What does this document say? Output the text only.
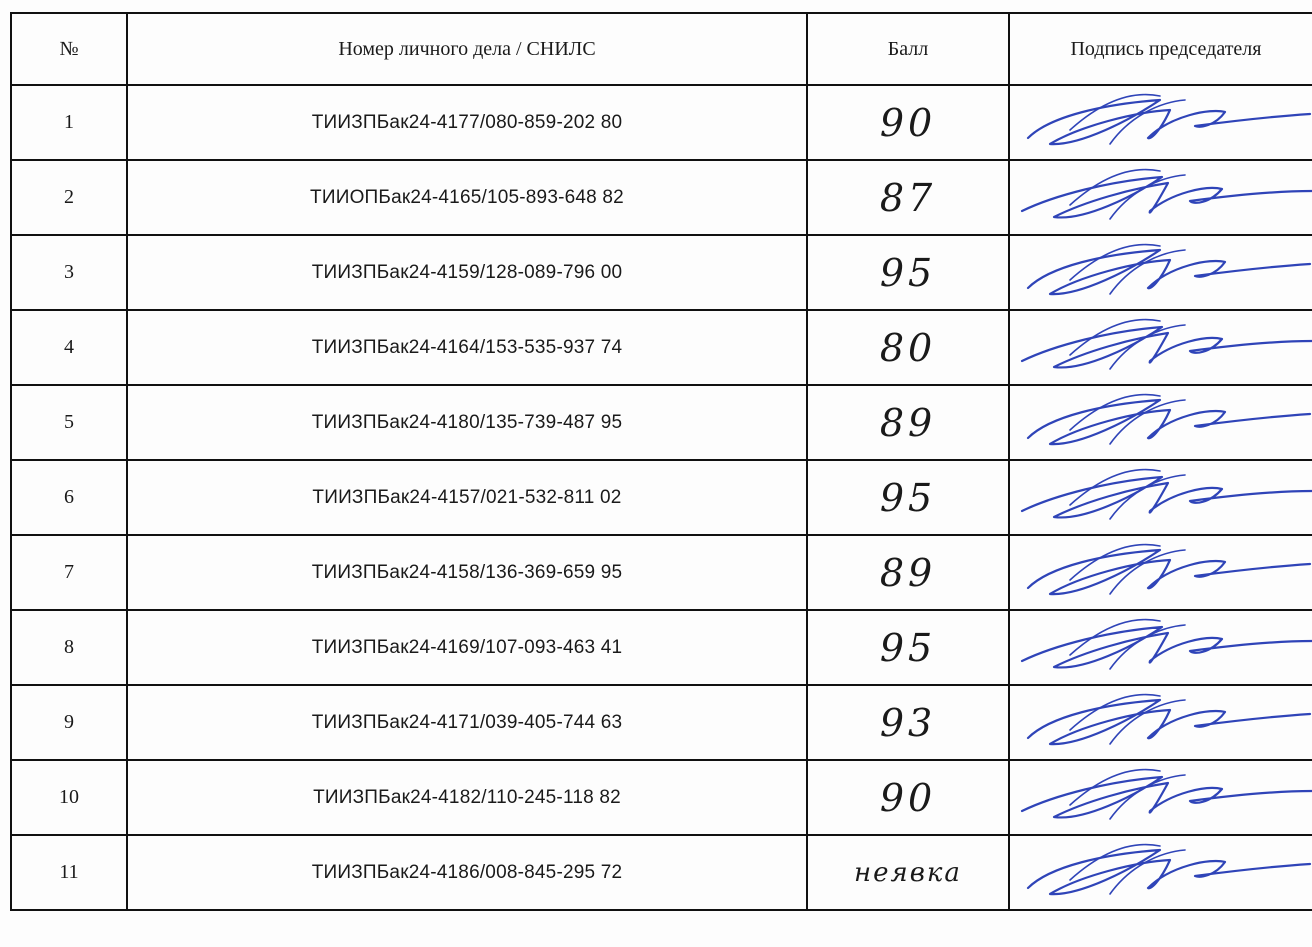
№	Номер личного дела / СНИЛС	Балл	Подпись председателя
1	ТИИЗПБак24-4177/080-859-202 80	90	

2	ТИИОПБак24-4165/105-893-648 82	87	

3	ТИИЗПБак24-4159/128-089-796 00	95	

4	ТИИЗПБак24-4164/153-535-937 74	80	

5	ТИИЗПБак24-4180/135-739-487 95	89	

6	ТИИЗПБак24-4157/021-532-811 02	95	

7	ТИИЗПБак24-4158/136-369-659 95	89	

8	ТИИЗПБак24-4169/107-093-463 41	95	

9	ТИИЗПБак24-4171/039-405-744 63	93	

10	ТИИЗПБак24-4182/110-245-118 82	90	

11	ТИИЗПБак24-4186/008-845-295 72	неявка	
